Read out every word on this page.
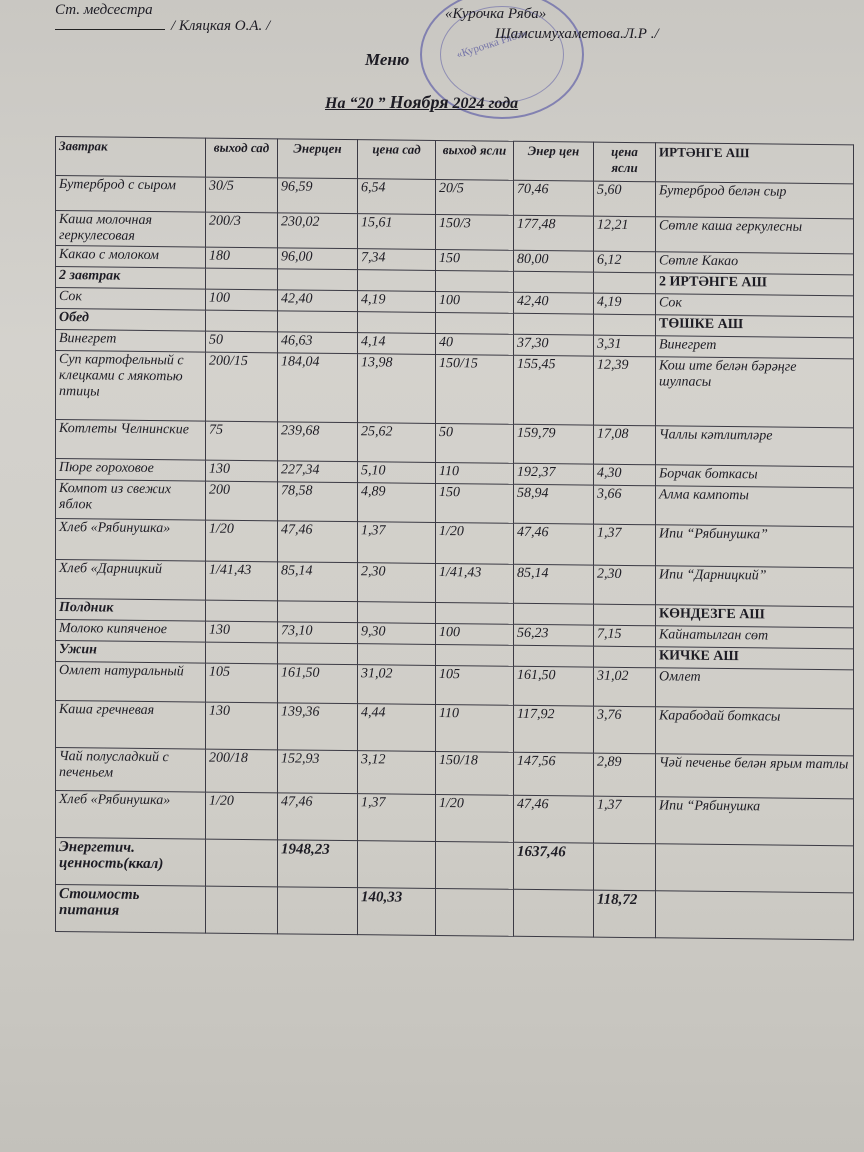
«Курочка Ряба»
Ст. медсестра
/ Кляцкая О.А. /
«Курочка Ряба»
Шамсимухаметова.Л.Р ./
Меню
На “20 ” Ноября 2024 года
Завтрак	выход сад	Энерцен	цена сад	выход ясли	Энер цен	цена ясли	ИРТӘНГЕ АШ
Бутерброд с сыром	30/5	96,59	6,54	20/5	70,46	5,60	Бутерброд белән сыр
Каша молочная геркулесовая	200/3	230,02	15,61	150/3	177,48	12,21	Сөтле каша геркулесны
Какао с молоком	180	96,00	7,34	150	80,00	6,12	Сөтле Какао
2 завтрак							2 ИРТӘНГЕ АШ
Сок	100	42,40	4,19	100	42,40	4,19	Сок
Обед							ТӨШКЕ АШ
Винегрет	50	46,63	4,14	40	37,30	3,31	Винегрет
Суп картофельный с клецками с мякотью птицы	200/15	184,04	13,98	150/15	155,45	12,39	Кош ите белән бәрәңге шулпасы
Котлеты Челнинские	75	239,68	25,62	50	159,79	17,08	Чаллы кәтлитләре
Пюре гороховое	130	227,34	5,10	110	192,37	4,30	Борчак боткасы
Компот из свежих яблок	200	78,58	4,89	150	58,94	3,66	Алма кампоты
Хлеб «Рябинушка»	1/20	47,46	1,37	1/20	47,46	1,37	Ипи “Рябинушка”
Хлеб «Дарницкий	1/41,43	85,14	2,30	1/41,43	85,14	2,30	Ипи “Дарницкий”
Полдник							КӨНДЕЗГЕ АШ
Молоко кипяченое	130	73,10	9,30	100	56,23	7,15	Кайнатылган сөт
Ужин							КИЧКЕ АШ
Омлет натуральный	105	161,50	31,02	105	161,50	31,02	Омлет
Каша гречневая	130	139,36	4,44	110	117,92	3,76	Карабодай боткасы
Чай полусладкий с печеньем	200/18	152,93	3,12	150/18	147,56	2,89	Чәй печенье белән ярым татлы
Хлеб «Рябинушка»	1/20	47,46	1,37	1/20	47,46	1,37	Ипи “Рябинушка
Энергетич. ценность(ккал)		1948,23			1637,46		
Стоимость питания			140,33			118,72	
